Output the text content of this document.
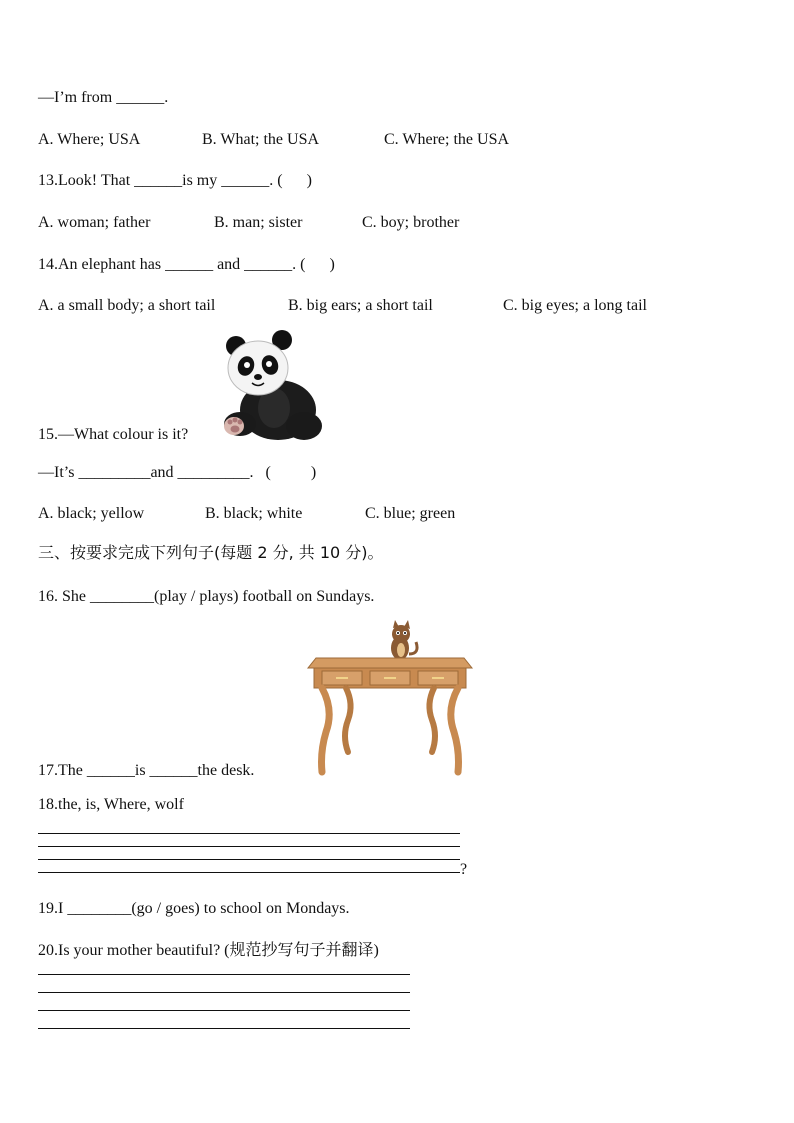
—I’m from ______.
A. Where; USA	B. What; the USA	C. Where; the USA
13.Look! That ______is my ______. (      )
A. woman; father	B. man; sister	C. boy; brother
14.An elephant has ______ and ______. (      )
A. a small body; a short tail	B. big ears; a short tail	C. big eyes; a long tail
15.—What colour is it?
—It’s _________and _________.   (          )
A. black; yellow	B. black; white	C. blue; green
三、按要求完成下列句子(每题 2 分, 共 10 分)。
16. She ________(play / plays) football on Sundays.
17.The ______is ______the desk.
18.the, is, Where, wolf
?
19.I ________(go / goes) to school on Mondays.
20.Is your mother beautiful? (规范抄写句子并翻译)
